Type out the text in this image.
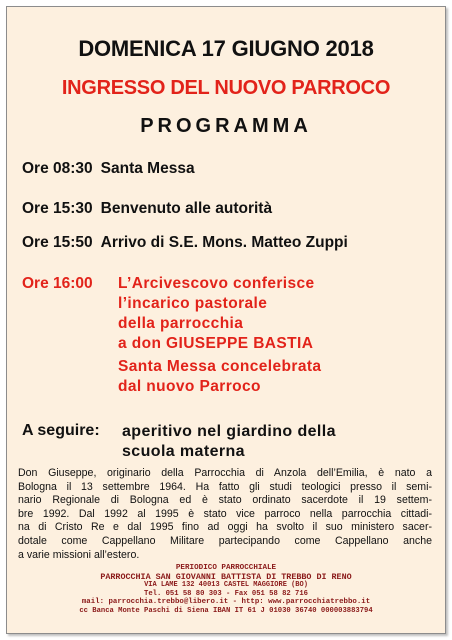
DOMENICA 17 GIUGNO 2018
INGRESSO DEL NUOVO PARROCO
PROGRAMMA
Ore 08:30 Santa Messa
Ore 15:30 Benvenuto alle autorità
Ore 15:50 Arrivo di S.E. Mons. Matteo Zuppi
Ore 16:00 L’Arcivescovo conferisce
l’incarico pastorale
della parrocchia
a don GIUSEPPE BASTIA
Santa Messa concelebrata
dal nuovo Parroco
A seguire: aperitivo nel giardino della
scuola materna
Don Giuseppe, originario della Parrocchia di Anzola dell’Emilia, è nato a
Bologna il 13 settembre 1964. Ha fatto gli studi teologici presso il semi-
nario Regionale di Bologna ed è stato ordinato sacerdote il 19 settem-
bre 1992. Dal 1992 al 1995 è stato vice parroco nella parrocchia cittadi-
na di Cristo Re e dal 1995 fino ad oggi ha svolto il suo ministero sacer-
dotale come Cappellano Militare partecipando come Cappellano anche
a varie missioni all’estero.
PERIODICO PARROCCHIALE
PARROCCHIA SAN GIOVANNI BATTISTA DI TREBBO DI RENO
VIA LAME 132 40013 CASTEL MAGGIORE (BO)
Tel. 051 58 80 303 - Fax 051 58 82 716
mail: parrocchia.trebbo@libero.it - http: www.parrocchiatrebbo.it
cc Banca Monte Paschi di Siena IBAN IT 61 J 01030 36740 000003883794
